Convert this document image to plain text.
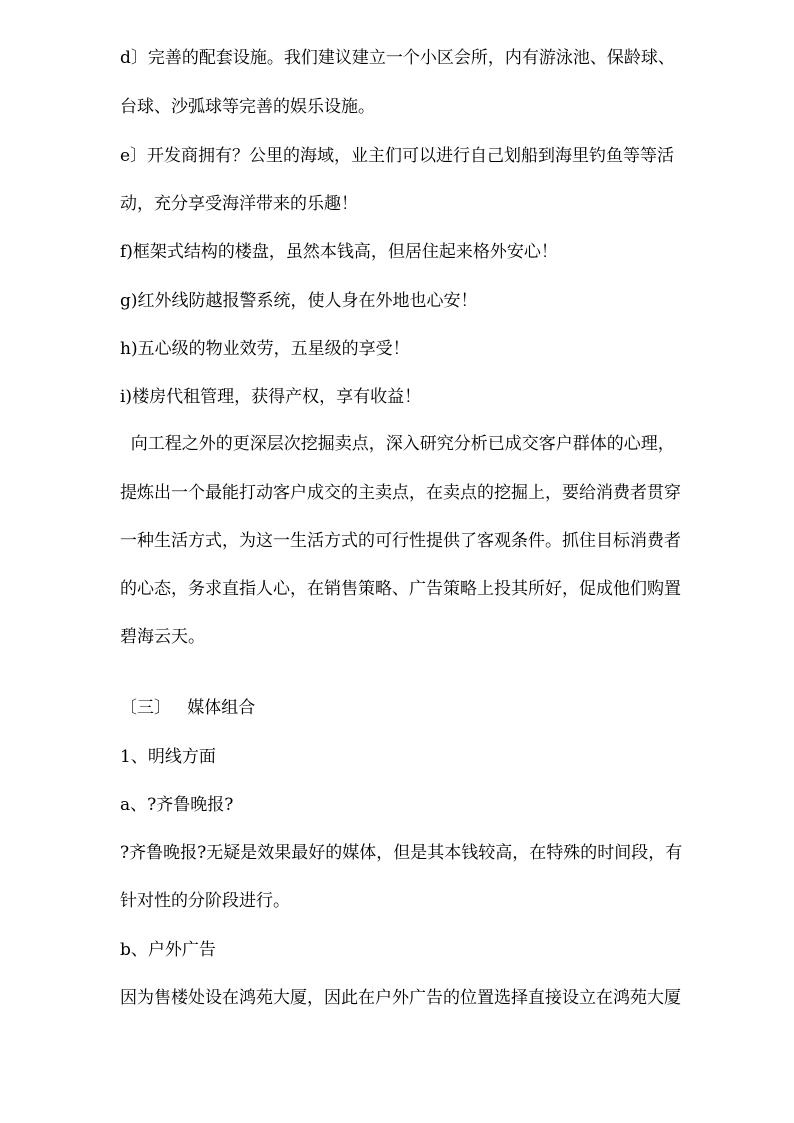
d〕完善的配套设施。我们建议建立一个小区会所，内有游泳池、保龄球、
台球、沙弧球等完善的娱乐设施。
e〕开发商拥有？公里的海域，业主们可以进行自己划船到海里钓鱼等等活
动，充分享受海洋带来的乐趣！
f)框架式结构的楼盘，虽然本钱高，但居住起来格外安心！
g)红外线防越报警系统，使人身在外地也心安！
h)五心级的物业效劳，五星级的享受！
i)楼房代租管理，获得产权，享有收益！
向工程之外的更深层次挖掘卖点，深入研究分析已成交客户群体的心理，
提炼出一个最能打动客户成交的主卖点，在卖点的挖掘上，要给消费者贯穿
一种生活方式，为这一生活方式的可行性提供了客观条件。抓住目标消费者
的心态，务求直指人心，在销售策略、广告策略上投其所好，促成他们购置
碧海云天。
〔三〕   媒体组合
1、明线方面
a、?齐鲁晚报?
?齐鲁晚报?无疑是效果最好的媒体，但是其本钱较高，在特殊的时间段，有
针对性的分阶段进行。
b、户外广告
因为售楼处设在鸿苑大厦，因此在户外广告的位置选择直接设立在鸿苑大厦
